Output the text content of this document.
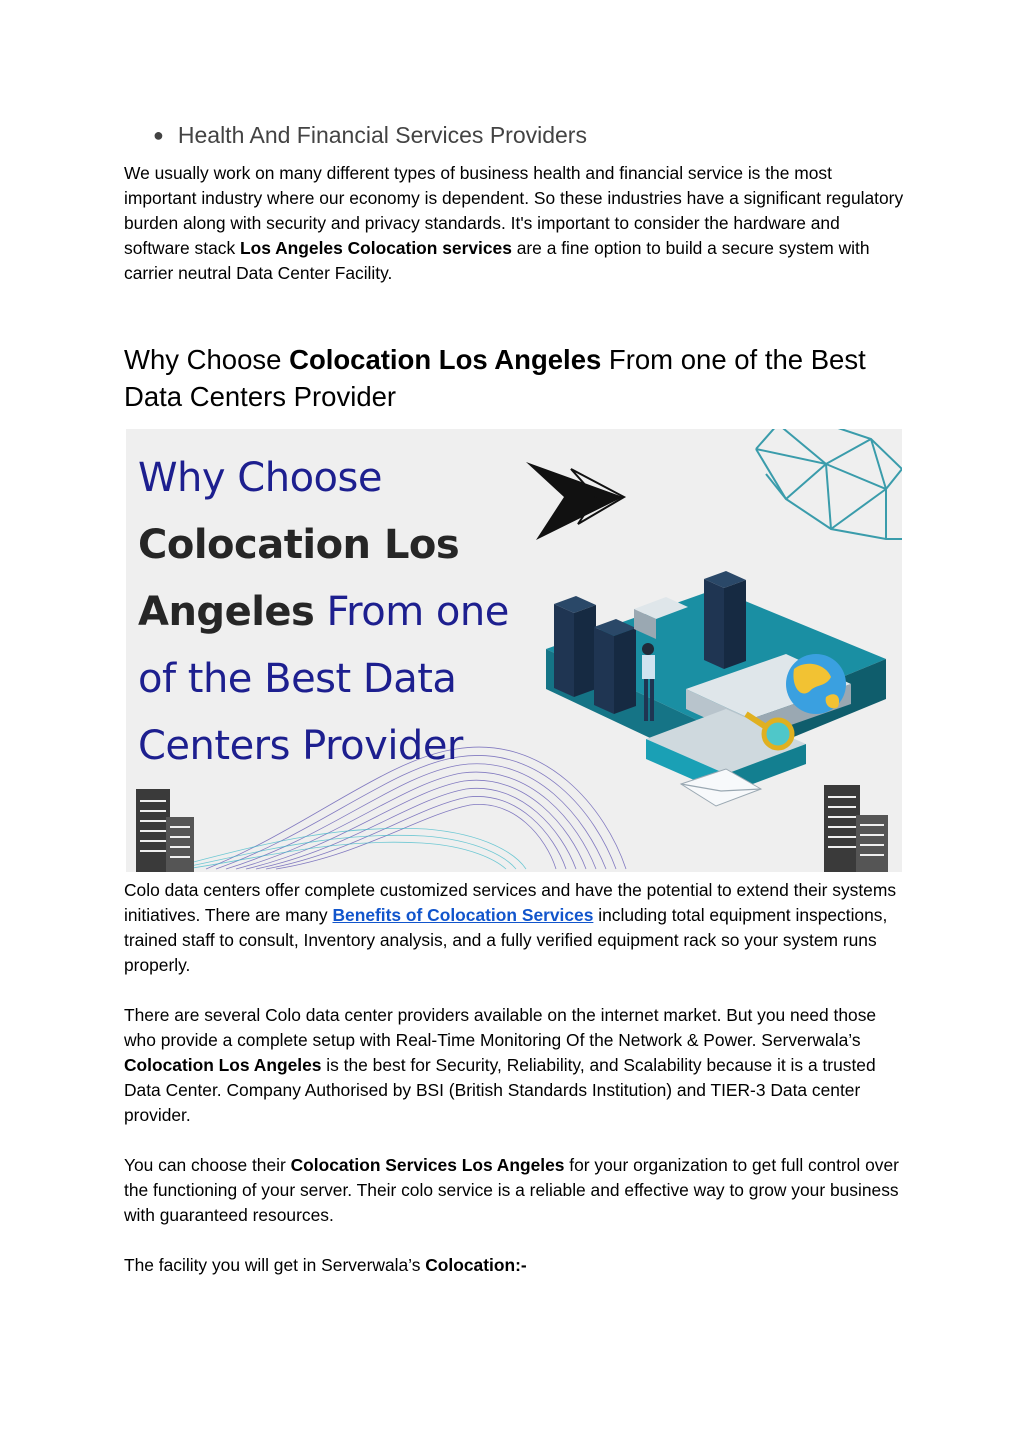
● Health And Financial Services Providers

We usually work on many different types of business health and financial service is the most important industry where our economy is dependent. So these industries have a significant regulatory burden along with security and privacy standards. It's important to consider the hardware and software stack Los Angeles Colocation services are a fine option to build a secure system with carrier neutral Data Center Facility.

Why Choose Colocation Los Angeles From one of the Best Data Centers Provider
Why Choose
Colocation Los
Angeles From one
of the Best Data
Centers Provider

Colo data centers offer complete customized services and have the potential to extend their systems initiatives. There are many Benefits of Colocation Services including total equipment inspections, trained staff to consult, Inventory analysis, and a fully verified equipment rack so your system runs properly.

There are several Colo data center providers available on the internet market. But you need those who provide a complete setup with Real-Time Monitoring Of the Network & Power. Serverwala’s Colocation Los Angeles is the best for Security, Reliability, and Scalability because it is a trusted Data Center. Company Authorised by BSI (British Standards Institution) and TIER-3 Data center provider.

You can choose their Colocation Services Los Angeles for your organization to get full control over the functioning of your server. Their colo service is a reliable and effective way to grow your business with guaranteed resources.

The facility you will get in Serverwala’s Colocation:-
